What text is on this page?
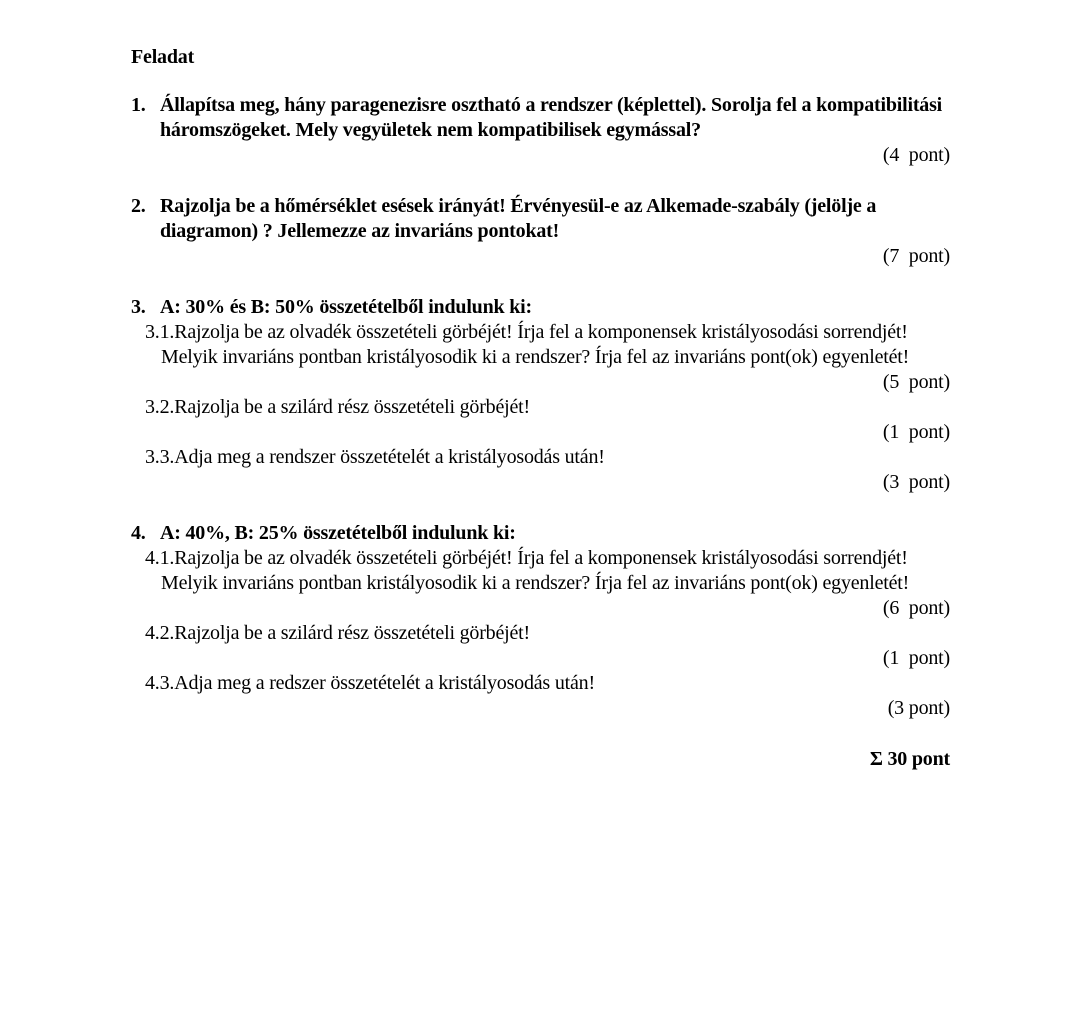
Feladat
1. Állapítsa meg, hány paragenezisre osztható a rendszer (képlettel). Sorolja fel a kompatibilitási háromszögeket. Mely vegyületek nem kompatibilisek egymással?
(4  pont)
2. Rajzolja be a hőmérséklet esések irányát! Érvényesül-e az Alkemade-szabály (jelölje a diagramon) ? Jellemezze az invariáns pontokat!
(7  pont)
3. A: 30% és B: 50% összetételből indulunk ki:

3.1.Rajzolja be az olvadék összetételi görbéjét! Írja fel a komponensek kristályosodási sorrendjét! Melyik invariáns pontban kristályosodik ki a rendszer? Írja fel az invariáns pont(ok) egyenletét!

(5  pont)

3.2.Rajzolja be a szilárd rész összetételi görbéjét!

(1  pont)

3.3.Adja meg a rendszer összetételét a kristályosodás után!

(3  pont)
4. A: 40%, B: 25% összetételből indulunk ki:

4.1.Rajzolja be az olvadék összetételi görbéjét! Írja fel a komponensek kristályosodási sorrendjét! Melyik invariáns pontban kristályosodik ki a rendszer? Írja fel az invariáns pont(ok) egyenletét!

(6  pont)

4.2.Rajzolja be a szilárd rész összetételi görbéjét!

(1  pont)

4.3.Adja meg a redszer összetételét a kristályosodás után!

(3 pont)
Σ 30 pont
